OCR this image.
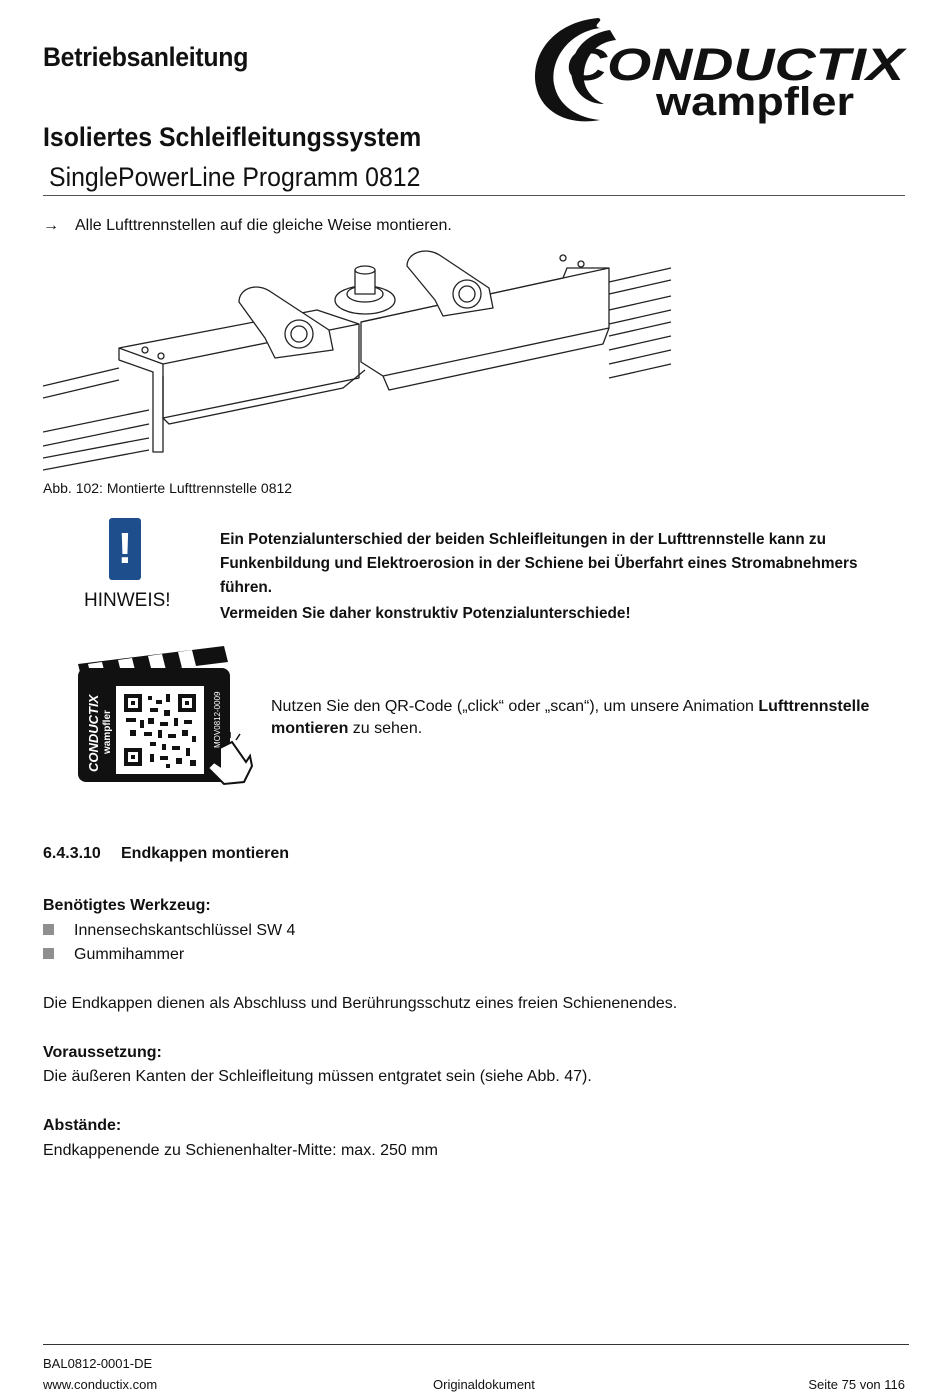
Betriebsanleitung	CONDUCTIX
wampfler
Isoliertes Schleifleitungssystem
SinglePowerLine Programm 0812
→ Alle Lufttrennstellen auf die gleiche Weise montieren.
Abb. 102: Montierte Lufttrennstelle 0812
!
HINWEIS!

Ein Potenzialunterschied der beiden Schleifleitungen in der Lufttrennstelle kann zu Funkenbildung und Elektroerosion in der Schiene bei Überfahrt eines Stromabnehmers führen.

Vermeiden Sie daher konstruktiv Potenzialunterschiede!

CONDUCTIX wampfler	MOV0812-0009	Nutzen Sie den QR-Code („click“ oder „scan“), um unsere Animation Lufttrennstelle montieren zu sehen.
6.4.3.10 Endkappen montieren
Benötigtes Werkzeug:
Innensechskantschlüssel SW 4
Gummihammer
Die Endkappen dienen als Abschluss und Berührungsschutz eines freien Schienenendes.
Voraussetzung:
Die äußeren Kanten der Schleifleitung müssen entgratet sein (siehe Abb. 47).
Abstände:
Endkappenende zu Schienenhalter-Mitte: max. 250 mm
BAL0812-0001-DE
www.conductix.com	Originaldokument	Seite 75 von 116
